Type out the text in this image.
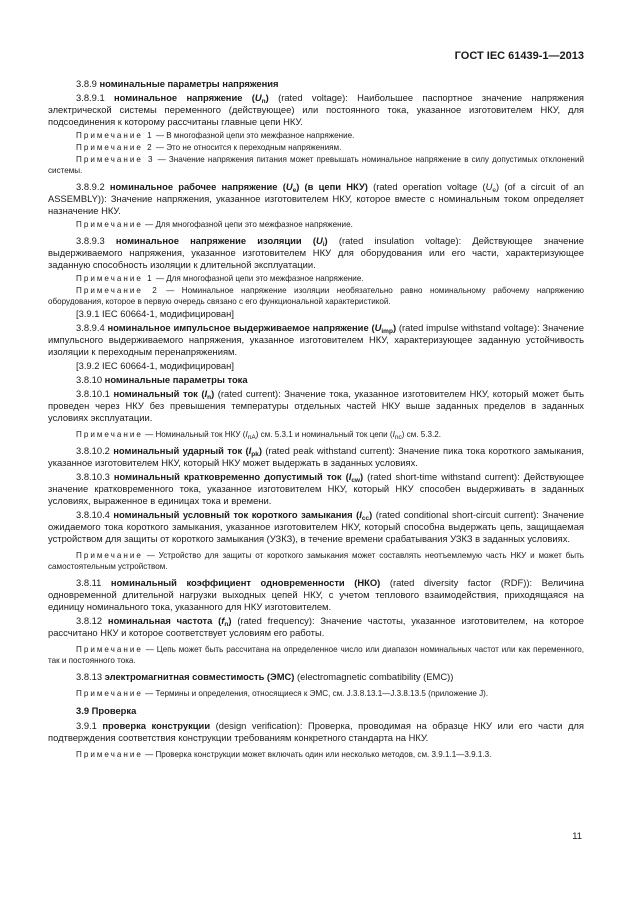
ГОСТ IEC 61439-1—2013
3.8.9 номинальные параметры напряжения
3.8.9.1 номинальное напряжение $(U_n)$ (rated voltage): Наибольшее паспортное значение напряжения электрической системы переменного (действующее) или постоянного тока, указанное изготовителем НКУ, для подсоединения к которому рассчитаны главные цепи НКУ.
Примечание 1 — В многофазной цепи это межфазное напряжение.
Примечание 2 — Это не относится к переходным напряжениям.
Примечание 3 — Значение напряжения питания может превышать номинальное напряжение в силу допустимых отклонений системы.
3.8.9.2 номинальное рабочее напряжение $(U_e)$ (в цепи НКУ) (rated operation voltage $(U_e)$ (of a circuit of an ASSEMBLY)): Значение напряжения, указанное изготовителем НКУ, которое вместе с номинальным током определяет назначение НКУ.
Примечание — Для многофазной цепи это межфазное напряжение.
3.8.9.3 номинальное напряжение изоляции $(U_i)$ (rated insulation voltage): Действующее значение выдерживаемого напряжения, указанное изготовителем НКУ для оборудования или его части, характеризующее заданную способность изоляции к длительной эксплуатации.
Примечание 1 — Для многофазной цепи это межфазное напряжение.
Примечание 2 — Номинальное напряжение изоляции необязательно равно номинальному рабочему напряжению оборудования, которое в первую очередь связано с его функциональной характеристикой.
[3.9.1 IEC 60664-1, модифицирован]
3.8.9.4 номинальное импульсное выдерживаемое напряжение $(U_{imp})$ (rated impulse withstand voltage): Значение импульсного выдерживаемого напряжения, указанное изготовителем НКУ, характеризующее заданную устойчивость изоляции к переходным перенапряжениям.
[3.9.2 IEC 60664-1, модифицирован]
3.8.10 номинальные параметры тока
3.8.10.1 номинальный ток $(I_n)$ (rated current): Значение тока, указанное изготовителем НКУ, который может быть проведен через НКУ без превышения температуры отдельных частей НКУ выше заданных пределов в заданных условиях эксплуатации.
Примечание — Номинальный ток НКУ $(I_{nA})$ см. 5.3.1 и номинальный ток цепи $(I_{nc})$ см. 5.3.2.
3.8.10.2 номинальный ударный ток $(I_{pk})$ (rated peak withstand current): Значение пика тока короткого замыкания, указанное изготовителем НКУ, который НКУ может выдержать в заданных условиях.
3.8.10.3 номинальный кратковременно допустимый ток $(I_{cw})$ (rated short-time withstand current): Действующее значение кратковременного тока, указанное изготовителем НКУ, который НКУ способен выдерживать в заданных условиях, выраженное в единицах тока и времени.
3.8.10.4 номинальный условный ток короткого замыкания $(I_{cc})$ (rated conditional short-circuit current): Значение ожидаемого тока короткого замыкания, указанное изготовителем НКУ, который способна выдержать цепь, защищаемая устройством для защиты от короткого замыкания (УЗКЗ), в течение времени срабатывания УЗКЗ в заданных условиях.
Примечание — Устройство для защиты от короткого замыкания может составлять неотъемлемую часть НКУ и может быть самостоятельным устройством.
3.8.11 номинальный коэффициент одновременности (НКО) (rated diversity factor (RDF)): Величина одновременной длительной нагрузки выходных цепей НКУ, с учетом теплового взаимодействия, приходящаяся на единицу номинального тока, указанного для НКУ изготовителем.
3.8.12 номинальная частота $(f_n)$ (rated frequency): Значение частоты, указанное изготовителем, на которое рассчитано НКУ и которое соответствует условиям его работы.
Примечание — Цепь может быть рассчитана на определенное число или диапазон номинальных частот или как переменного, так и постоянного тока.
3.8.13 электромагнитная совместимость (ЭМС) (electromagnetic combatibility (EMC))
Примечание — Термины и определения, относящиеся к ЭМС, см. J.3.8.13.1—J.3.8.13.5 (приложение J).
3.9 Проверка
3.9.1 проверка конструкции (design verification): Проверка, проводимая на образце НКУ или его части для подтверждения соответствия конструкции требованиям конкретного стандарта на НКУ.
Примечание — Проверка конструкции может включать один или несколько методов, см. 3.9.1.1—3.9.1.3.
11
